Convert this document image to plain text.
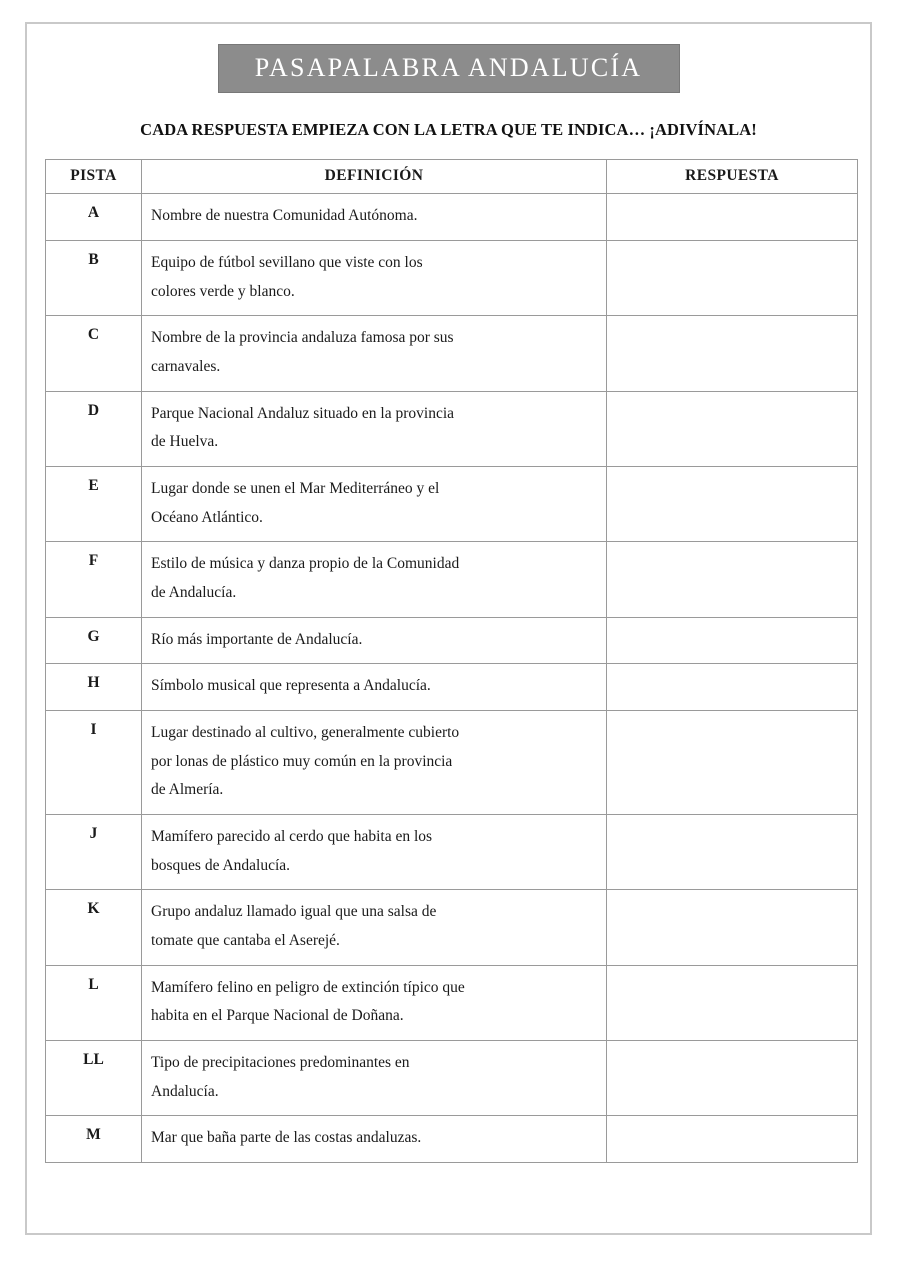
PASAPALABRA ANDALUCÍA
CADA RESPUESTA EMPIEZA CON LA LETRA QUE TE INDICA… ¡ADIVÍNALA!
PISTA	DEFINICIÓN	RESPUESTA
A	Nombre de nuestra Comunidad Autónoma.	

B	Equipo de fútbol sevillano que viste con los
colores verde y blanco.	

C	Nombre de la provincia andaluza famosa por sus
carnavales.	

D	Parque Nacional Andaluz situado en la provincia
de Huelva.	

E	Lugar donde se unen el Mar Mediterráneo y el
Océano Atlántico.	

F	Estilo de música y danza propio de la Comunidad
de Andalucía.	

G	Río más importante de Andalucía.	

H	Símbolo musical que representa a Andalucía.	

I	Lugar destinado al cultivo, generalmente cubierto
por lonas de plástico muy común en la provincia
de Almería.	

J	Mamífero parecido al cerdo que habita en los
bosques de Andalucía.	

K	Grupo andaluz llamado igual que una salsa de
tomate que cantaba el Aserejé.	

L	Mamífero felino en peligro de extinción típico que
habita en el Parque Nacional de Doñana.	

LL	Tipo de precipitaciones predominantes en
Andalucía.	

M	Mar que baña parte de las costas andaluzas.	
